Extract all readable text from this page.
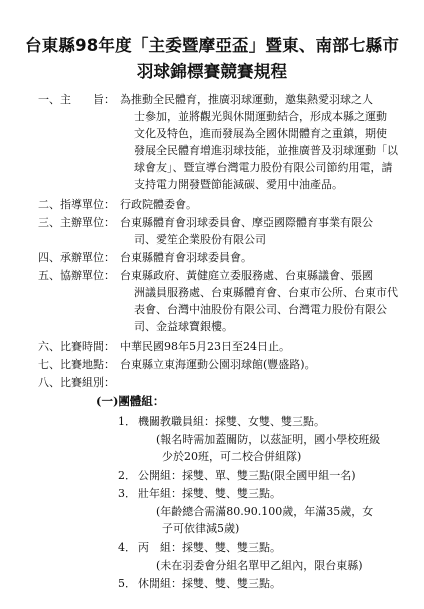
台東縣98年度「主委暨摩亞盃」暨東、南部七縣市
羽球錦標賽競賽規程
一、主　　旨： 為推動全民體育，推廣羽球運動，邀集熱愛羽球之人
士參加，並將觀光與休閒運動結合，形成本縣之運動
文化及特色，進而發展為全國休閒體育之重鎮，期使
發展全民體育增進羽球技能，並推廣普及羽球運動「以
球會友」、暨宣導台灣電力股份有限公司節約用電，請
支持電力開發暨節能減碳、愛用中油產品。
二、指導單位： 行政院體委會。
三、主辦單位： 台東縣體育會羽球委員會、摩亞國際體育事業有限公
司、愛笙企業股份有限公司
四、承辦單位： 台東縣體育會羽球委員會。
五、協辦單位： 台東縣政府、黃健庭立委服務處、台東縣議會、張國
洲議員服務處、台東縣體育會、台東市公所、台東市代
表會、台灣中油股份有限公司、台灣電力股份有限公
司、金益球寶銀樓。
六、比賽時間： 中華民國98年5月23日至24日止。
七、比賽地點： 台東縣立東海運動公園羽球館(豐盛路)。
八、比賽組別：
(一)團體組：
1． 機關教職員組：採雙、女雙、雙三點。
(報名時需加蓋關防，以茲証明，國小學校班級
少於20班，可二校合併組隊)
2． 公開組：採雙、單、雙三點(限全國甲組一名)
3． 壯年組：採雙、雙、雙三點。
(年齡總合需滿80.90.100歲，年滿35歲，女
子可依律減5歲)
4． 丙　組：採雙、雙、雙三點。
(未在羽委會分組名單甲乙組內，限台東縣)
5． 休閒組：採雙、雙、雙三點。
